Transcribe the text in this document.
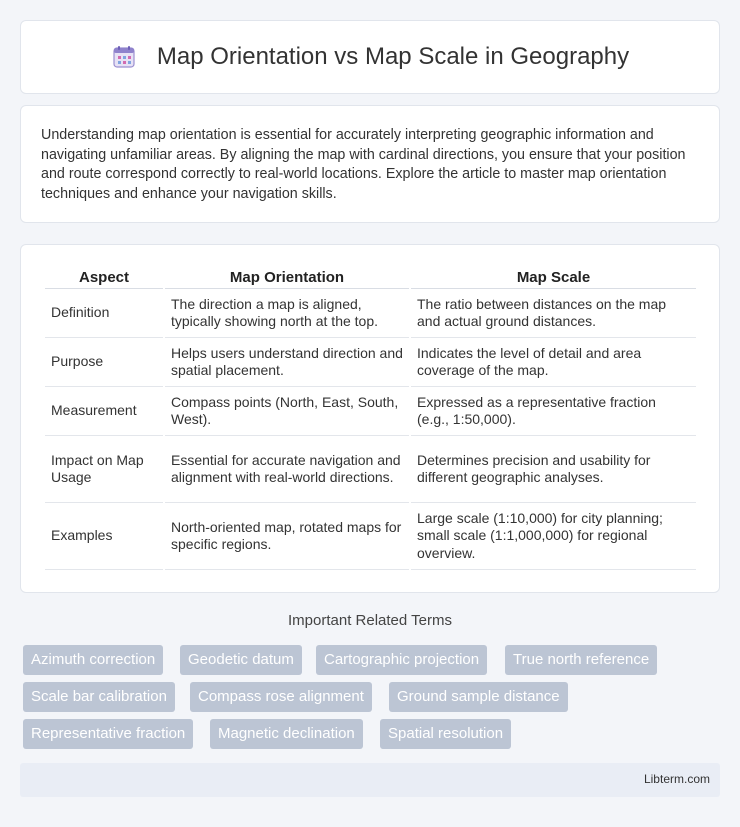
Map Orientation vs Map Scale in Geography

Understanding map orientation is essential for accurately interpreting geographic information and navigating unfamiliar areas. By aligning the map with cardinal directions, you ensure that your position and route correspond correctly to real-world locations. Explore the article to master map orientation techniques and enhance your navigation skills.

Aspect	Map Orientation	Map Scale
Definition	The direction a map is aligned, typically showing north at the top.	The ratio between distances on the map and actual ground distances.
Purpose	Helps users understand direction and spatial placement.	Indicates the level of detail and area coverage of the map.
Measurement	Compass points (North, East, South, West).	Expressed as a representative fraction (e.g., 1:50,000).
Impact on Map Usage	Essential for accurate navigation and alignment with real-world directions.	Determines precision and usability for different geographic analyses.
Examples	North-oriented map, rotated maps for specific regions.	Large scale (1:10,000) for city planning; small scale (1:1,000,000) for regional overview.
Important Related Terms
Azimuth correction	Geodetic datum	Cartographic projection	True north reference
Scale bar calibration	Compass rose alignment	Ground sample distance
Representative fraction	Magnetic declination	Spatial resolution
Libterm.com
